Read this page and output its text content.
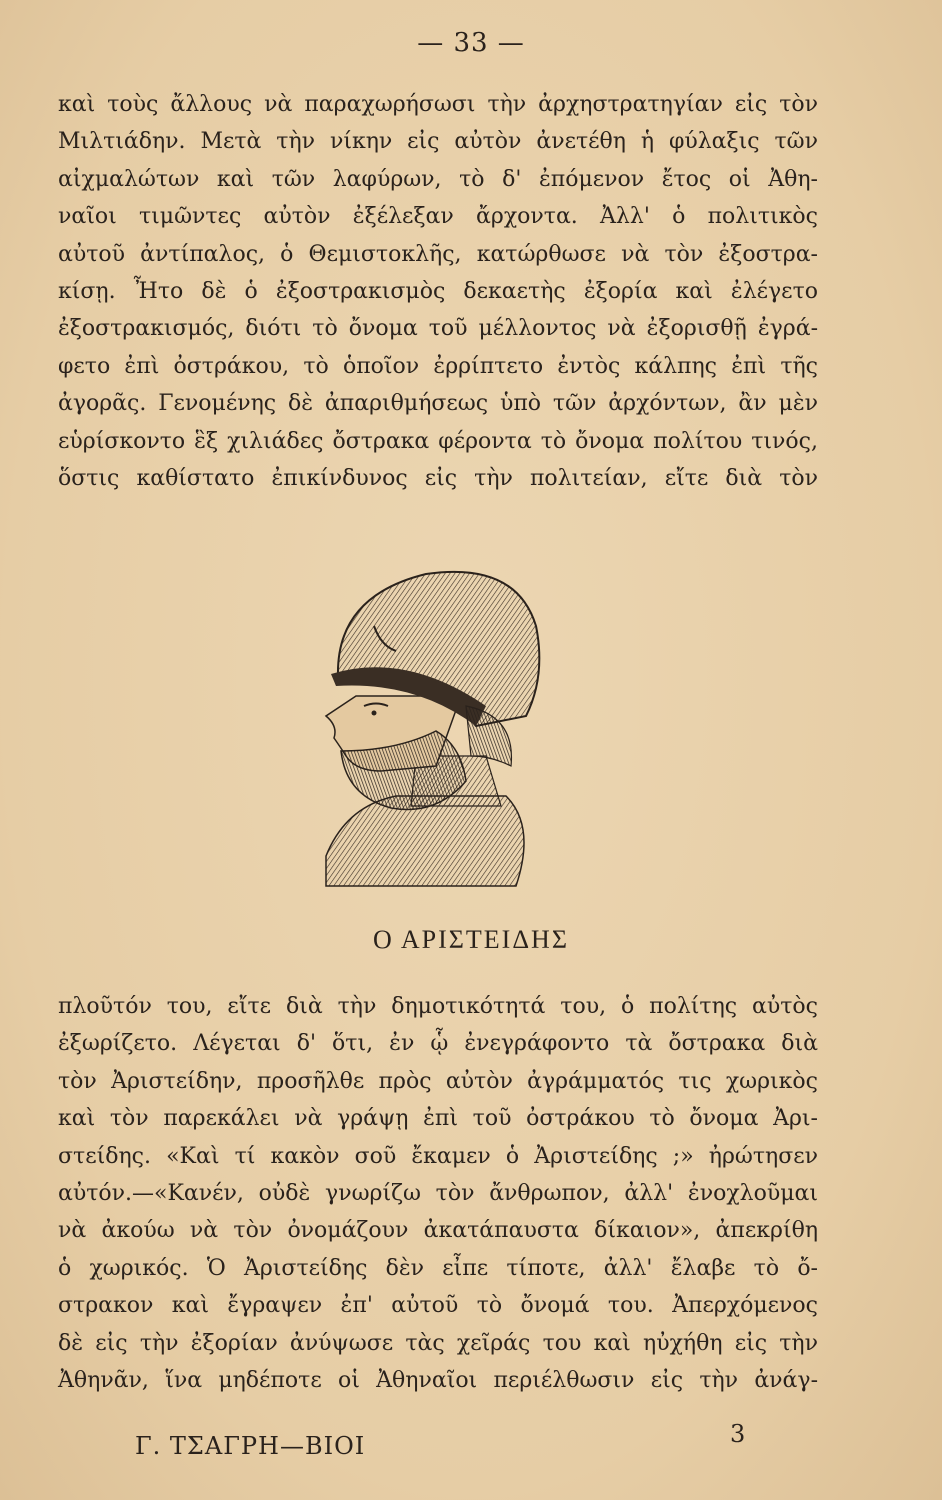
— 33 —
καὶ τοὺς ἄλλους νὰ παραχωρήσωσι τὴν ἀρχηστρατηγίαν εἰς τὸν
Μιλτιάδην. Μετὰ τὴν νίκην εἰς αὐτὸν ἀνετέθη ἡ φύλαξις τῶν
αἰχμαλώτων καὶ τῶν λαφύρων, τὸ δ' ἐπόμενον ἔτος οἱ Ἀθη-
ναῖοι τιμῶντες αὐτὸν ἐξέλεξαν ἄρχοντα. Ἀλλ' ὁ πολιτικὸς
αὐτοῦ ἀντίπαλος, ὁ Θεμιστοκλῆς, κατώρθωσε νὰ τὸν ἐξοστρα-
κίσῃ. Ἦτο δὲ ὁ ἐξοστρακισμὸς δεκαετὴς ἐξορία καὶ ἐλέγετο
ἐξοστρακισμός, διότι τὸ ὄνομα τοῦ μέλλοντος νὰ ἐξορισθῇ ἐγρά-
φετο ἐπὶ ὀστράκου, τὸ ὁποῖον ἐρρίπτετο ἐντὸς κάλπης ἐπὶ τῆς
ἀγορᾶς. Γενομένης δὲ ἀπαριθμήσεως ὑπὸ τῶν ἀρχόντων, ἂν μὲν
εὑρίσκοντο ἓξ χιλιάδες ὄστρακα φέροντα τὸ ὄνομα πολίτου τινός,
ὅστις καθίστατο ἐπικίνδυνος εἰς τὴν πολιτείαν, εἴτε διὰ τὸν
Ο ΑΡΙΣΤΕΙΔΗΣ
πλοῦτόν του, εἴτε διὰ τὴν δημοτικότητά του, ὁ πολίτης αὐτὸς
ἐξωρίζετο. Λέγεται δ' ὅτι, ἐν ᾧ ἐνεγράφοντο τὰ ὄστρακα διὰ
τὸν Ἀριστείδην, προσῆλθε πρὸς αὐτὸν ἀγράμματός τις χωρικὸς
καὶ τὸν παρεκάλει νὰ γράψῃ ἐπὶ τοῦ ὀστράκου τὸ ὄνομα Ἀρι-
στείδης. «Καὶ τί κακὸν σοῦ ἔκαμεν ὁ Ἀριστείδης ;» ἠρώτησεν
αὐτόν.—«Κανέν, οὐδὲ γνωρίζω τὸν ἄνθρωπον, ἀλλ' ἐνοχλοῦμαι
νὰ ἀκούω νὰ τὸν ὀνομάζουν ἀκατάπαυστα δίκαιον», ἀπεκρίθη
ὁ χωρικός. Ὁ Ἀριστείδης δὲν εἶπε τίποτε, ἀλλ' ἔλαβε τὸ ὄ-
στρακον καὶ ἔγραψεν ἐπ' αὐτοῦ τὸ ὄνομά του. Ἀπερχόμενος
δὲ εἰς τὴν ἐξορίαν ἀνύψωσε τὰς χεῖράς του καὶ ηὐχήθη εἰς τὴν
Ἀθηνᾶν, ἵνα μηδέποτε οἱ Ἀθηναῖοι περιέλθωσιν εἰς τὴν ἀνάγ-
Γ. ΤΣΑΓΡΗ—ΒΙΟΙ	3
